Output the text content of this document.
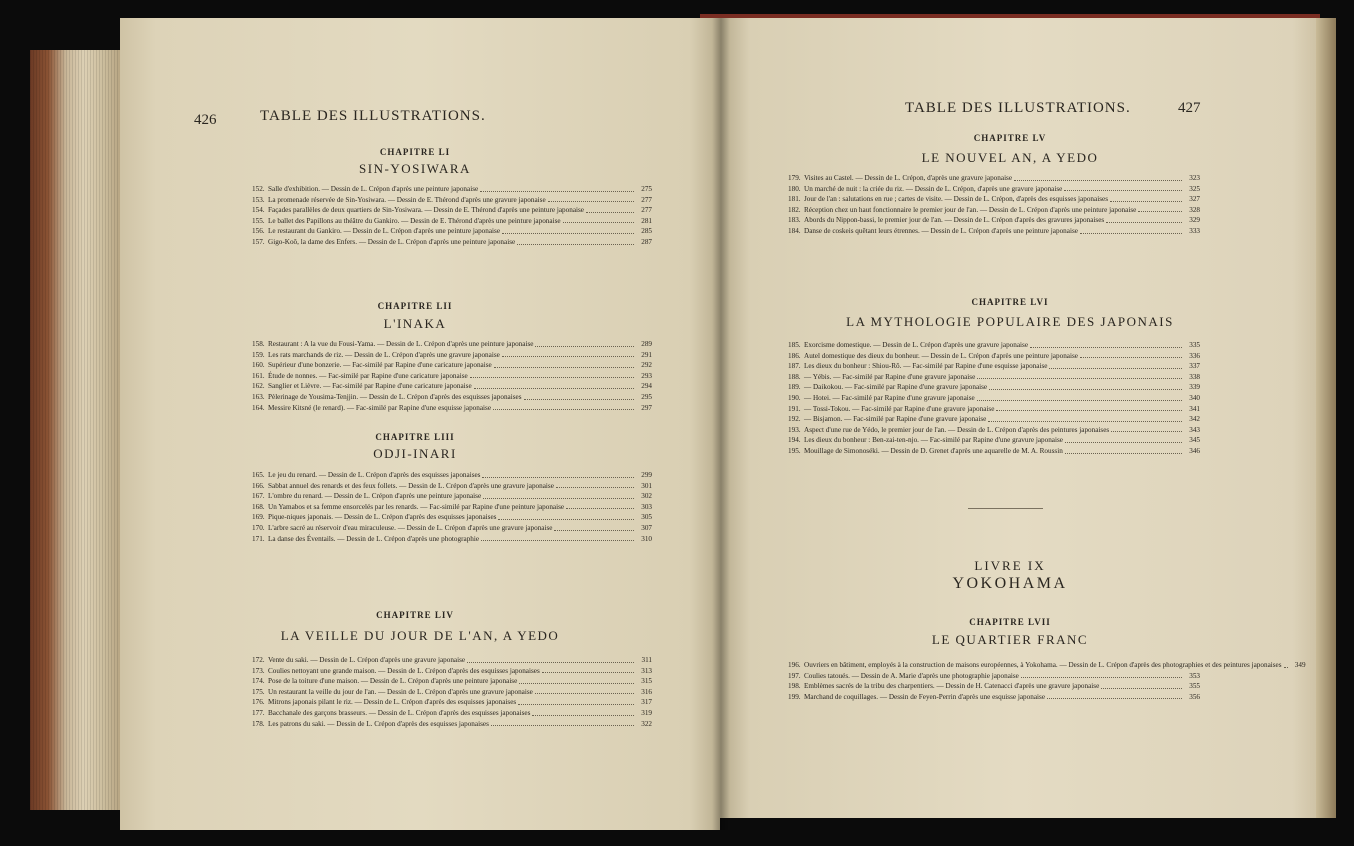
426	TABLE DES ILLUSTRATIONS.
CHAPITRE LI
SIN-YOSIWARA
152. Salle d'exhibition. — Dessin de L. Crépon d'après une peinture japonaise	275
153. La promenade réservée de Sin-Yosiwara. — Dessin de E. Thérond d'après une gravure japonaise	277
154. Façades parallèles de deux quartiers de Sin-Yosiwara. — Dessin de E. Thérond d'après une peinture japonaise	277
155. Le ballet des Papillons au théâtre du Gankiro. — Dessin de E. Thérond d'après une peinture japonaise	281
156. Le restaurant du Gankiro. — Dessin de L. Crépon d'après une peinture japonaise	285
157. Gigo-Koô, la dame des Enfers. — Dessin de L. Crépon d'après une peinture japonaise	287
CHAPITRE LII
L'INAKA
158. Restaurant : A la vue du Fousi-Yama. — Dessin de L. Crépon d'après une peinture japonaise	289
159. Les rats marchands de riz. — Dessin de L. Crépon d'après une gravure japonaise	291
160. Supérieur d'une bonzerie. — Fac-similé par Rapine d'une caricature japonaise	292
161. Étude de nonnes. — Fac-similé par Rapine d'une caricature japonaise	293
162. Sanglier et Lièvre. — Fac-similé par Rapine d'une caricature japonaise	294
163. Pèlerinage de Yousima-Tenjjin. — Dessin de L. Crépon d'après des esquisses japonaises	295
164. Messire Kitsné (le renard). — Fac-similé par Rapine d'une esquisse japonaise	297
CHAPITRE LIII
ODJI-INARI
165. Le jeu du renard. — Dessin de L. Crépon d'après des esquisses japonaises	299
166. Sabbat annuel des renards et des feux follets. — Dessin de L. Crépon d'après une gravure japonaise	301
167. L'ombre du renard. — Dessin de L. Crépon d'après une peinture japonaise	302
168. Un Yamabos et sa femme ensorcelés par les renards. — Fac-similé par Rapine d'une peinture japonaise	303
169. Pique-niques japonais. — Dessin de L. Crépon d'après des esquisses japonaises	305
170. L'arbre sacré au réservoir d'eau miraculeuse. — Dessin de L. Crépon d'après une gravure japonaise	307
171. La danse des Éventails. — Dessin de L. Crépon d'après une photographie	310
CHAPITRE LIV
LA VEILLE DU JOUR DE L'AN, A YEDO
172. Vente du saki. — Dessin de L. Crépon d'après une gravure japonaise	311
173. Coulies nettoyant une grande maison. — Dessin de L. Crépon d'après des esquisses japonaises	313
174. Pose de la toiture d'une maison. — Dessin de L. Crépon d'après une peinture japonaise	315
175. Un restaurant la veille du jour de l'an. — Dessin de L. Crépon d'après une gravure japonaise	316
176. Mitrons japonais pilant le riz. — Dessin de L. Crépon d'après des esquisses japonaises	317
177. Bacchanale des garçons brasseurs. — Dessin de L. Crépon d'après des esquisses japonaises	319
178. Les patrons du saki. — Dessin de L. Crépon d'après des esquisses japonaises	322
TABLE DES ILLUSTRATIONS.	427
CHAPITRE LV
LE NOUVEL AN, A YEDO
179. Visites au Castel. — Dessin de L. Crépon, d'après une gravure japonaise	323
180. Un marché de nuit : la criée du riz. — Dessin de L. Crépon, d'après une gravure japonaise	325
181. Jour de l'an : salutations en rue ; cartes de visite. — Dessin de L. Crépon, d'après des esquisses japonaises	327
182. Réception chez un haut fonctionnaire le premier jour de l'an. — Dessin de L. Crépon d'après une peinture japonaise	328
183. Abords du Nippon-bassi, le premier jour de l'an. — Dessin de L. Crépon d'après des gravures japonaises	329
184. Danse de coskeis quêtant leurs étrennes. — Dessin de L. Crépon d'après une peinture japonaise	333
CHAPITRE LVI
LA MYTHOLOGIE POPULAIRE DES JAPONAIS
185. Exorcisme domestique. — Dessin de L. Crépon d'après une gravure japonaise	335
186. Autel domestique des dieux du bonheur. — Dessin de L. Crépon d'après une peinture japonaise	336
187. Les dieux du bonheur : Shiou-Rô. — Fac-similé par Rapine d'une esquisse japonaise	337
188. — Yébis. — Fac-similé par Rapine d'une gravure japonaise	338
189. — Daikokou. — Fac-similé par Rapine d'une gravure japonaise	339
190. — Hotei. — Fac-similé par Rapine d'une gravure japonaise	340
191. — Tossi-Tokou. — Fac-similé par Rapine d'une gravure japonaise	341
192. — Bisjamon. — Fac-similé par Rapine d'une gravure japonaise	342
193. Aspect d'une rue de Yédo, le premier jour de l'an. — Dessin de L. Crépon d'après des peintures japonaises	343
194. Les dieux du bonheur : Ben-zai-ten-njo. — Fac-similé par Rapine d'une gravure japonaise	345
195. Mouillage de Simonoséki. — Dessin de D. Grenet d'après une aquarelle de M. A. Roussin	346
LIVRE IX
YOKOHAMA
CHAPITRE LVII
LE QUARTIER FRANC
196. Ouvriers en bâtiment, employés à la construction de maisons européennes, à Yokohama. — Dessin de L. Crépon d'après des photographies et des peintures japonaises	349
197. Coulies tatoués. — Dessin de A. Marie d'après une photographie japonaise	353
198. Emblèmes sacrés de la tribu des charpentiers. — Dessin de H. Catenacci d'après une gravure japonaise	355
199. Marchand de coquillages. — Dessin de Feyen-Perrin d'après une esquisse japonaise	356
